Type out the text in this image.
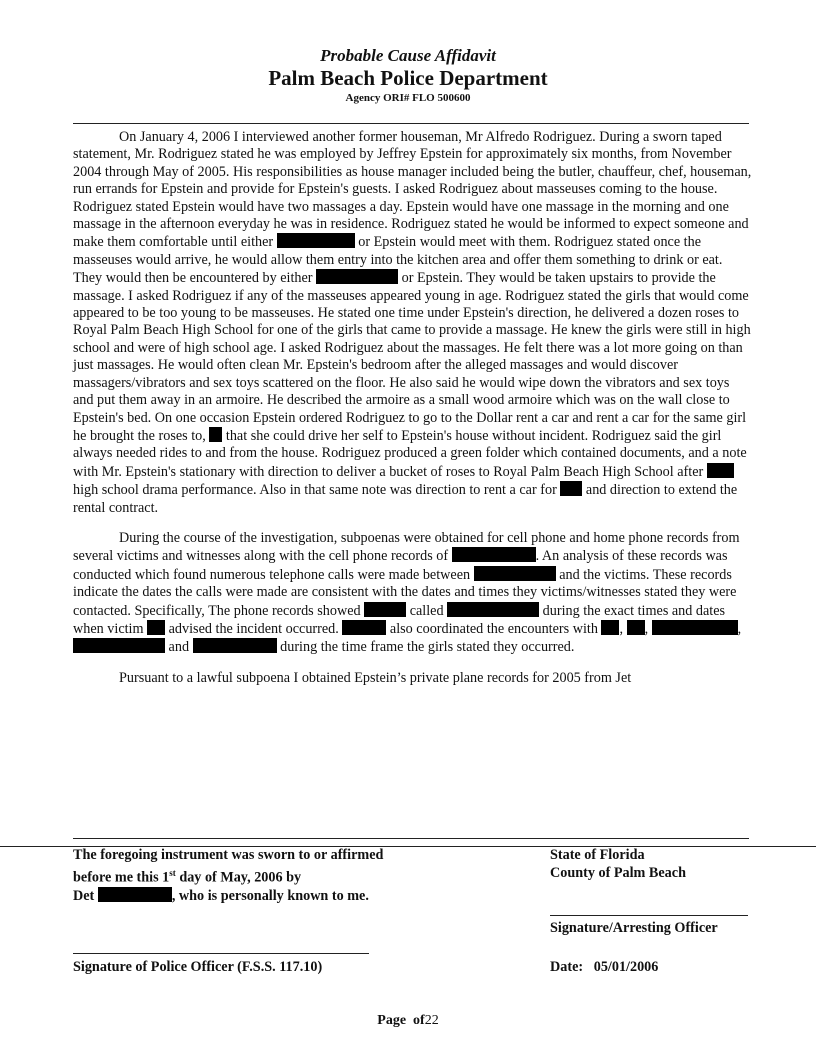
Probable Cause Affidavit
Palm Beach Police Department
Agency ORI# FLO 500600

On January 4, 2006 I interviewed another former houseman, Mr Alfredo Rodriguez. During a sworn taped statement, Mr. Rodriguez stated he was employed by Jeffrey Epstein for approximately six months, from November 2004 through May of 2005. His responsibilities as house manager included being the butler, chauffeur, chef, houseman, run errands for Epstein and provide for Epstein's guests. I asked Rodriguez about masseuses coming to the house. Rodriguez stated Epstein would have two massages a day. Epstein would have one massage in the morning and one massage in the afternoon everyday he was in residence. Rodriguez stated he would be informed to expect someone and make them comfortable until either	or Epstein would meet with them. Rodriguez stated once the masseuses would arrive, he would allow them entry into the kitchen area and offer them something to drink or eat. They would then be encountered by either	or Epstein. They would be taken upstairs to provide the massage. I asked Rodriguez if any of the masseuses appeared young in age. Rodriguez stated the girls that would come appeared to be too young to be masseuses. He stated one time under Epstein's direction, he delivered a dozen roses to Royal Palm Beach High School for one of the girls that came to provide a massage. He knew the girls were still in high school and were of high school age. I asked Rodriguez about the massages. He felt there was a lot more going on than just massages. He would often clean Mr. Epstein's bedroom after the alleged massages and would discover massagers/vibrators and sex toys scattered on the floor. He also said he would wipe down the vibrators and sex toys and put them away in an armoire. He described the armoire as a small wood armoire which was on the wall close to Epstein's bed. On one occasion Epstein ordered Rodriguez to go to the Dollar rent a car and rent a car for the same girl he brought the roses to,  that she could drive her self to Epstein's house without incident. Rodriguez said the girl always needed rides to and from the house. Rodriguez produced a green folder which contained documents, and a note with Mr. Epstein's stationary with direction to deliver a bucket of roses to Royal Palm Beach High School after  high school drama performance. Also in that same note was direction to rent a car for  and direction to extend the rental contract.

During the course of the investigation, subpoenas were obtained for cell phone and home phone records from several victims and witnesses along with the cell phone records of	. An analysis of these records was conducted which found numerous telephone calls were made between	and the victims. These records indicate the dates the calls were made are consistent with the dates and times they victims/witnesses stated they were contacted. Specifically, The phone records showed	called	during the exact times and dates when victim  advised the incident occurred.	also coordinated the encounters with , ,	,  and	during the time frame the girls stated they occurred.

Pursuant to a lawful subpoena I obtained Epstein’s private plane records for 2005 from Jet

The foregoing instrument was sworn to or affirmed
before me this 1st day of May, 2006 by
Det	, who is personally known to me.
State of Florida
County of Palm Beach
Signature/Arresting Officer
Signature of Police Officer (F.S.S. 117.10)	Date: 05/01/2006
Page of22
